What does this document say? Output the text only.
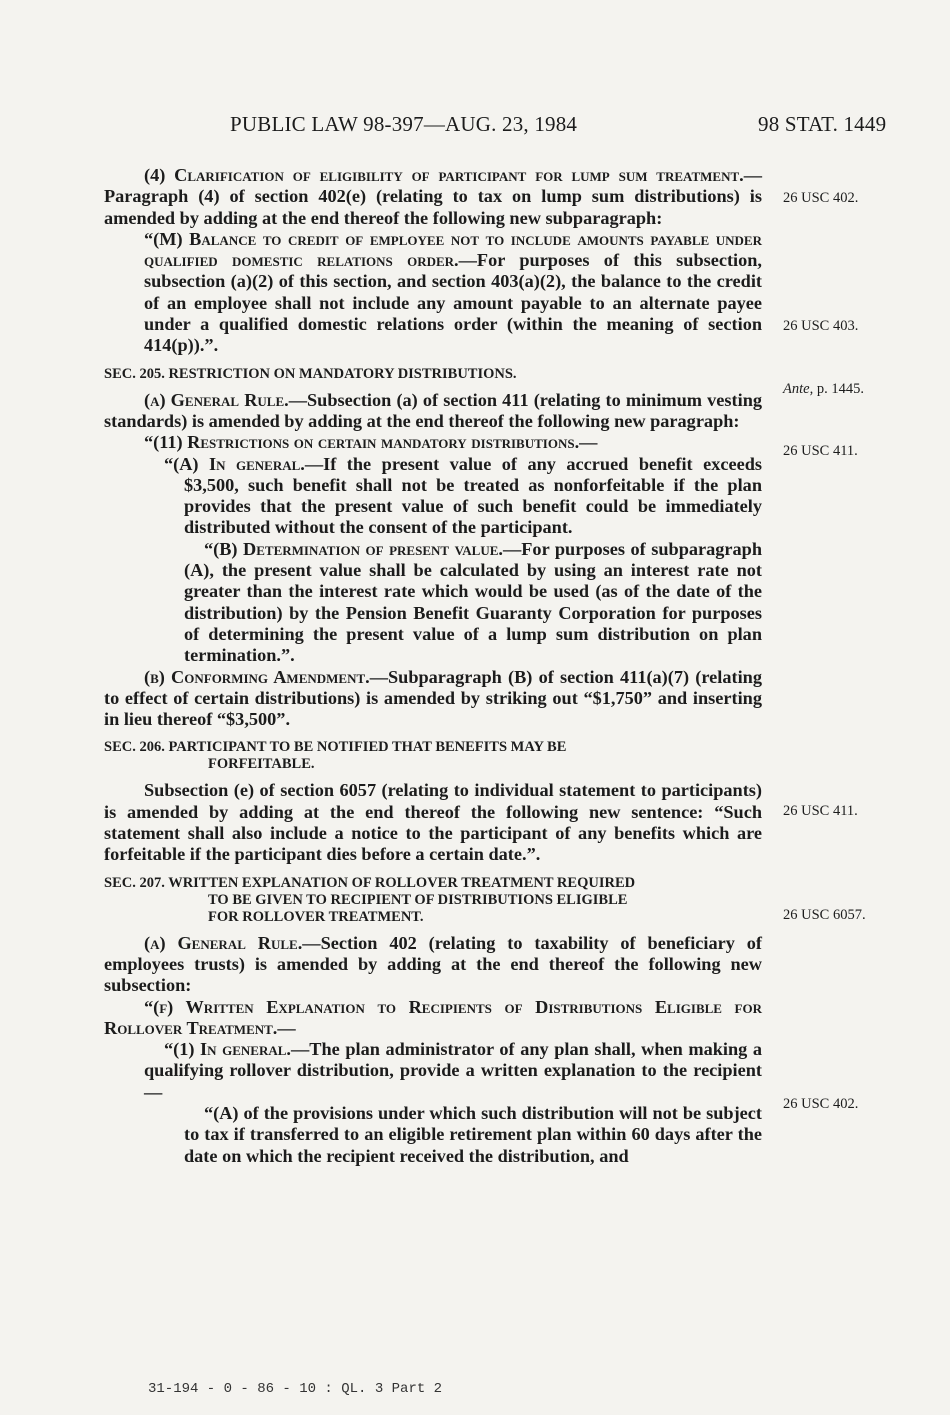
PUBLIC LAW 98-397—AUG. 23, 1984	98 STAT. 1449

(4) Clarification of eligibility of participant for lump sum treatment.—Paragraph (4) of section 402(e) (relating to tax on lump sum distributions) is amended by adding at the end thereof the following new subparagraph:

“(M) Balance to credit of employee not to include amounts payable under qualified domestic relations order.—For purposes of this subsection, subsection (a)(2) of this section, and section 403(a)(2), the balance to the credit of an employee shall not include any amount payable to an alternate payee under a qualified domestic relations order (within the meaning of section 414(p)).”.

SEC. 205. RESTRICTION ON MANDATORY DISTRIBUTIONS.

(a) General Rule.—Subsection (a) of section 411 (relating to minimum vesting standards) is amended by adding at the end thereof the following new paragraph:

“(11) Restrictions on certain mandatory distributions.—

“(A) In general.—If the present value of any accrued benefit exceeds $3,500, such benefit shall not be treated as nonforfeitable if the plan provides that the present value of such benefit could be immediately distributed without the consent of the participant.

“(B) Determination of present value.—For purposes of subparagraph (A), the present value shall be calculated by using an interest rate not greater than the interest rate which would be used (as of the date of the distribution) by the Pension Benefit Guaranty Corporation for purposes of determining the present value of a lump sum distribution on plan termination.”.

(b) Conforming Amendment.—Subparagraph (B) of section 411(a)(7) (relating to effect of certain distributions) is amended by striking out “$1,750” and inserting in lieu thereof “$3,500”.

SEC. 206. PARTICIPANT TO BE NOTIFIED THAT BENEFITS MAY BE
FORFEITABLE.

Subsection (e) of section 6057 (relating to individual statement to participants) is amended by adding at the end thereof the following new sentence: “Such statement shall also include a notice to the participant of any benefits which are forfeitable if the participant dies before a certain date.”.

SEC. 207. WRITTEN EXPLANATION OF ROLLOVER TREATMENT REQUIRED
TO BE GIVEN TO RECIPIENT OF DISTRIBUTIONS ELIGIBLE
FOR ROLLOVER TREATMENT.

(a) General Rule.—Section 402 (relating to taxability of beneficiary of employees trusts) is amended by adding at the end thereof the following new subsection:

“(f) Written Explanation to Recipients of Distributions Eligible for Rollover Treatment.—

“(1) In general.—The plan administrator of any plan shall, when making a qualifying rollover distribution, provide a written explanation to the recipient—

“(A) of the provisions under which such distribution will not be subject to tax if transferred to an eligible retirement plan within 60 days after the date on which the recipient received the distribution, and

26 USC 402.
26 USC 403.
Ante, p. 1445.
26 USC 411.
26 USC 411.
26 USC 6057.
26 USC 402.
31-194 - 0 - 86 - 10 : QL. 3 Part 2
